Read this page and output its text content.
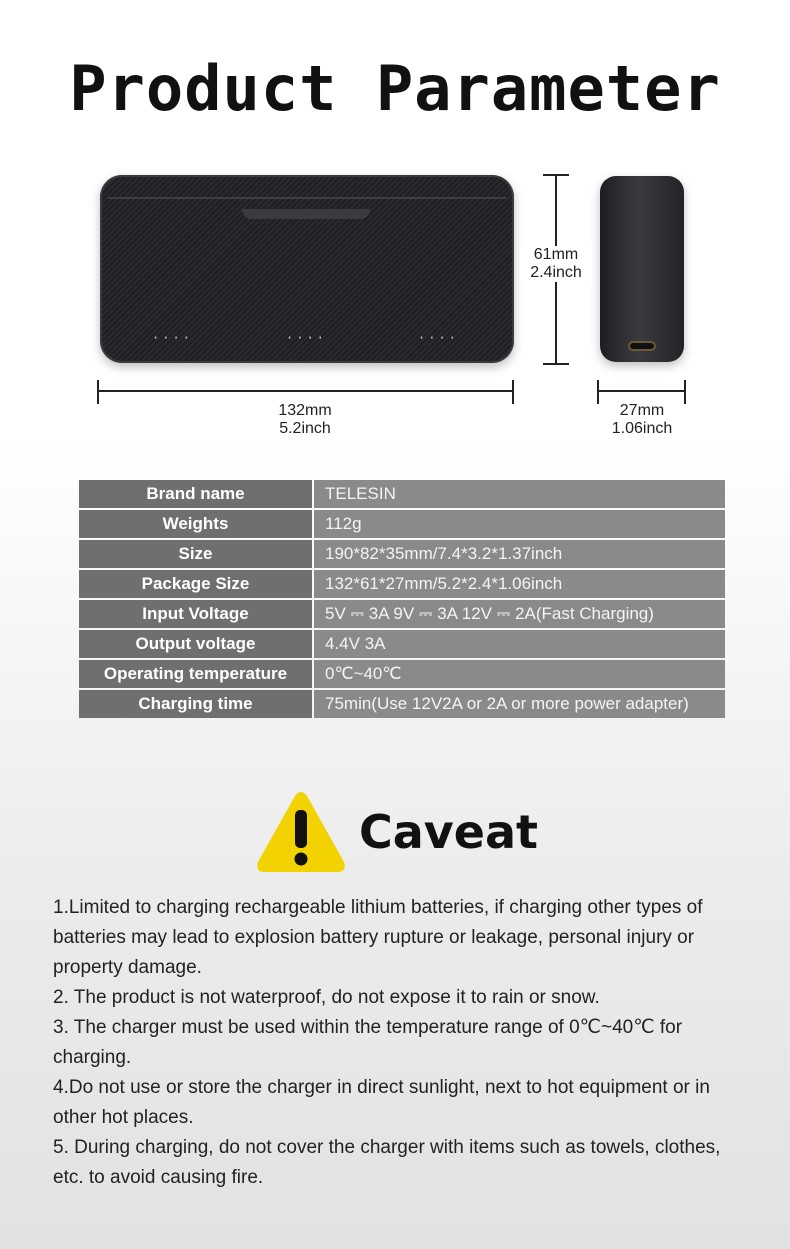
Product Parameter
····	····	····
61mm
2.4inch
132mm
5.2inch
27mm
1.06inch
Brand name	TELESIN
Weights	112g
Size	190*82*35mm/7.4*3.2*1.37inch
Package Size	132*61*27mm/5.2*2.4*1.06inch
Input Voltage	5V ⎓ 3A 9V ⎓ 3A 12V ⎓ 2A(Fast Charging)
Output voltage	4.4V 3A
Operating temperature	0℃~40℃
Charging time	75min(Use 12V2A or 2A or more power adapter)
Caveat

1.Limited to charging rechargeable lithium batteries, if charging other types of batteries may lead to explosion battery rupture or leakage, personal injury or property damage.

2. The product is not waterproof, do not expose it to rain or snow.

3. The charger must be used within the temperature range of 0℃~40℃ for charging.

4.Do not use or store the charger in direct sunlight, next to hot equipment or in other hot places.

5. During charging, do not cover the charger with items such as towels, clothes, etc. to avoid causing fire.
